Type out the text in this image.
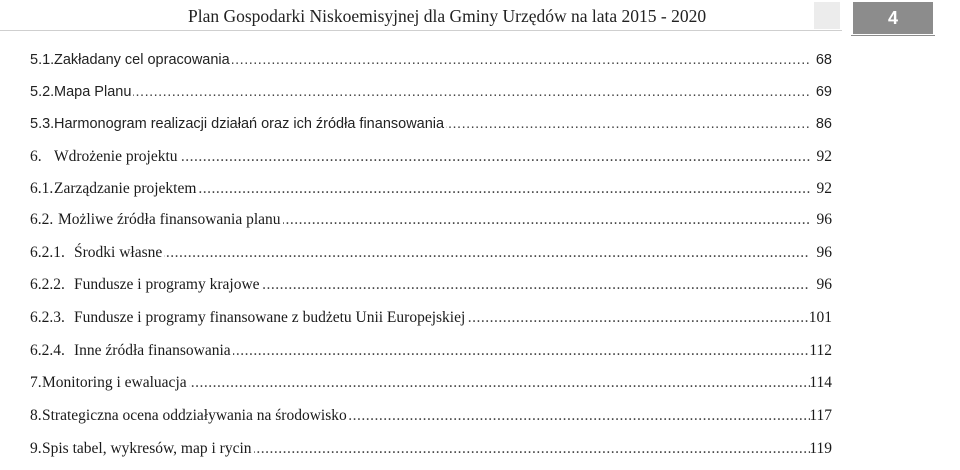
Plan Gospodarki Niskoemisyjnej dla Gminy Urzędów na lata 2015 - 2020	4
5.1. ..... Zakładany cel opracowania	68
5.2. ..... Mapa Planu	69
5.3. ..... Harmonogram realizacji działań oraz ich źródła finansowania	86
6. ..... Wdrożenie projektu	92
6.1. ..... Zarządzanie projektem	92
6.2. ..... Możliwe źródła finansowania planu	96
6.2.1. ..... Środki własne	96
6.2.2. ..... Fundusze i programy krajowe	96
6.2.3. ..... Fundusze i programy finansowane z budżetu Unii Europejskiej	101
6.2.4. ..... Inne źródła finansowania	112
7. ..... Monitoring i ewaluacja	114
8. ..... Strategiczna ocena oddziaływania na środowisko	117
9. ..... Spis tabel, wykresów, map i rycin	119
